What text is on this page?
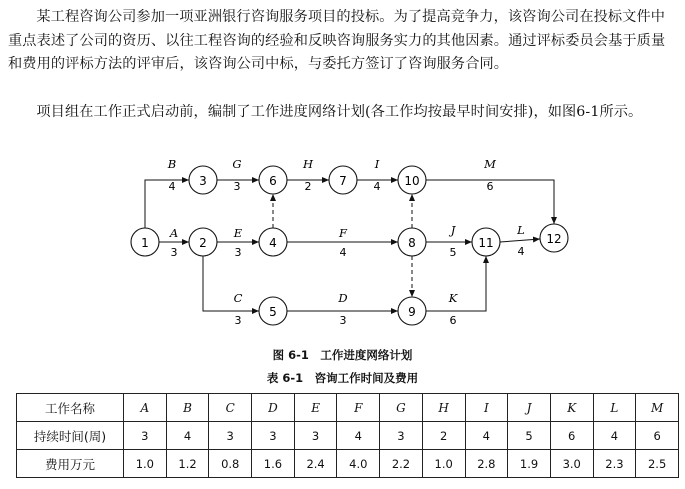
某工程咨询公司参加一项亚洲银行咨询服务项目的投标。为了提高竞争力，该咨询公司在投标文件中重点表述了公司的资历、以往工程咨询的经验和反映咨询服务实力的其他因素。通过评标委员会基于质量和费用的评标方法的评审后，该咨询公司中标，与委托方签订了咨询服务合同。

项目组在工作正式启动前，编制了工作进度网络计划(各工作均按最早时间安排)，如图6-1所示。

B
4
A
3
G
3
H
2
I
4
M
6
E
3
F
4
J
5
L
4
C
3
D
3
K
6
1	2
3
4
5
6	7
8
9
10
11	12
图 6-1　工作进度网络计划
表 6-1　咨询工作时间及费用
工作名称	A	B	C	D	E	F	G	H	I	J	K	L	M
持续时间(周)	3	4	3	3	3	4	3	2	4	5	6	4	6
费用万元	1.0	1.2	0.8	1.6	2.4	4.0	2.2	1.0	2.8	1.9	3.0	2.3	2.5
